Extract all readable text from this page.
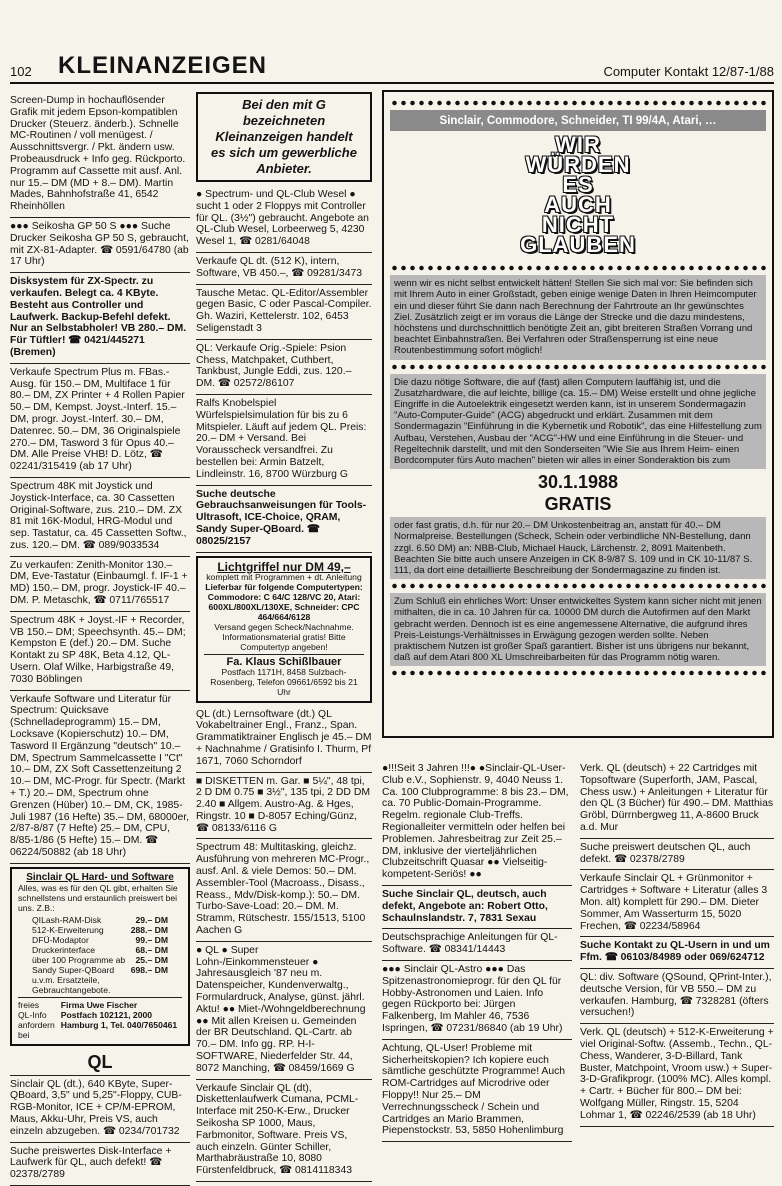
102 KLEINANZEIGEN	Computer Kontakt 12/87-1/88

Screen-Dump in hochauflösender Grafik mit jedem Epson-kompatiblen Drucker (Steuerz. änderb.). Schnelle MC-Routinen / voll menügest. / Ausschnittsvergr. / Pkt. ändern usw. Probeausdruck + Info geg. Rückporto. Programm auf Cassette mit ausf. Anl. nur 15.– DM (MD + 8.– DM). Martin Mades, Bahnhofstraße 41, 6542 Rheinhöllen

●●● Seikosha GP 50 S ●●● Suche Drucker Seikosha GP 50 S, gebraucht, mit ZX-81-Adapter. ☎ 0591/64780 (ab 17 Uhr)

Disksystem für ZX-Spectr. zu verkaufen. Belegt ca. 4 KByte. Besteht aus Controller und Laufwerk. Backup-Befehl defekt. Nur an Selbstabholer! VB 280.– DM. Für Tüftler! ☎ 0421/445271 (Bremen)

Verkaufe Spectrum Plus m. FBas.-Ausg. für 150.– DM, Multiface 1 für 80.– DM, ZX Printer + 4 Rollen Papier 50.– DM, Kempst. Joyst.-Interf. 15.– DM, progr. Joyst.-Interf. 30.– DM, Datenrec. 50.– DM, 36 Originalspiele 270.– DM, Tasword 3 für Opus 40.– DM. Alle Preise VHB! D. Lötz, ☎ 02241/315419 (ab 17 Uhr)

Spectrum 48K mit Joystick und Joystick-Interface, ca. 30 Cassetten Original-Software, zus. 210.– DM. ZX 81 mit 16K-Modul, HRG-Modul und sep. Tastatur, ca. 45 Cassetten Softw., zus. 120.– DM. ☎ 089/9033534

Zu verkaufen: Zenith-Monitor 130.– DM, Eve-Tastatur (Einbaumgl. f. IF-1 + MD) 150.– DM, progr. Joystick-IF 40.– DM. P. Metaschk, ☎ 0711/765517

Spectrum 48K + Joyst.-IF + Recorder, VB 150.– DM; Speechsynth. 45.– DM; Kempston E (def.) 20.– DM. Suche Kontakt zu SP 48K, Beta 4.12, QL-Usern. Olaf Wilke, Harbigstraße 49, 7030 Böblingen

Verkaufe Software und Literatur für Spectrum: Quicksave (Schnelladeprogramm) 15.– DM, Locksave (Kopierschutz) 10.– DM, Tasword II Ergänzung "deutsch" 10.– DM, Spectrum Sammelcassette I "Ct" 10.– DM, ZX Soft Cassettenzeitung 2 10.– DM, MC-Progr. für Spectr. (Markt + T.) 20.– DM, Spectrum ohne Grenzen (Hüber) 10.– DM, CK, 1985-Juli 1987 (16 Hefte) 35.– DM, 68000er, 2/87-8/87 (7 Hefte) 25.– DM, CPU, 8/85-1/86 (5 Hefte) 15.– DM. ☎ 06224/50882 (ab 18 Uhr)

Sinclair QL Hard- und Software
Alles, was es für den QL gibt, erhalten Sie schnellstens und erstaunlich preiswert bei uns. Z.B.:
QILash-RAM-Disk	29.– DM
512-K-Erweiterung	288.– DM
DFÜ-Modaptor	99.– DM
Druckerinterface	68.– DM
über 100 Programme ab 25.– DM
Sandy Super-QBoard 698.– DM
u.v.m. Ersatzteile, Gebrauchtangebote.
freies QL-Info anfordern bei
Firma Uwe Fischer
Postfach 102121, 2000 Hamburg 1, Tel. 040/7650461
QL

Sinclair QL (dt.), 640 KByte, Super-QBoard, 3,5" und 5,25"-Floppy, CUB-RGB-Monitor, ICE + CP/M-EPROM, Maus, Akku-Uhr, Preis VS, auch einzeln abzugeben. ☎ 0234/701732

Suche preiswertes Disk-Interface + Laufwerk für QL, auch defekt! ☎ 02378/2789

Bei den mit G bezeichneten Kleinanzeigen handelt es sich um gewerbliche Anbieter.

● Spectrum- und QL-Club Wesel ● sucht 1 oder 2 Floppys mit Controller für QL. (3½") gebraucht. Angebote an QL-Club Wesel, Lorbeerweg 5, 4230 Wesel 1, ☎ 0281/64048

Verkaufe QL dt. (512 K), intern, Software, VB 450.–, ☎ 09281/3473

Tausche Metac. QL-Editor/Assembler gegen Basic, C oder Pascal-Compiler. Gh. Waziri, Kettelerstr. 102, 6453 Seligenstadt 3

QL: Verkaufe Orig.-Spiele: Psion Chess, Matchpaket, Cuthbert, Tankbust, Jungle Eddi, zus. 120.– DM. ☎ 02572/86107

Ralfs Knobelspiel Würfelspielsimulation für bis zu 6 Mitspieler. Läuft auf jedem QL. Preis: 20.– DM + Versand. Bei Vorausscheck versandfrei. Zu bestellen bei: Armin Batzelt, Lindleinstr. 16, 8700 Würzburg G

Suche deutsche Gebrauchsanweisungen für Tools-Ultrasoft, ICE-Choice, QRAM, Sandy Super-QBoard. ☎ 08025/2157

Lichtgriffel nur DM 49,–
komplett mit Programmen + dt. Anleitung
Lieferbar für folgende Computertypen: Commodore: C 64/C 128/VC 20, Atari: 600XL/800XL/130XE, Schneider: CPC 464/664/6128
Versand gegen Scheck/Nachnahme. Informationsmaterial gratis! Bitte Computertyp angeben!
Fa. Klaus Schißlbauer
Postfach 1171H, 8458 Sulzbach-Rosenberg, Telefon 09661/6592 bis 21 Uhr

QL (dt.) Lernsoftware (dt.) QL Vokabeltrainer Engl., Franz., Span. Grammatiktrainer Englisch je 45.– DM + Nachnahme / Gratisinfo I. Thurm, Pf 1671, 7060 Schorndorf

■ DISKETTEN m. Gar. ■ 5¼", 48 tpi, 2 D DM 0.75 ■ 3½", 135 tpi, 2 DD DM 2.40 ■ Allgem. Austro-Ag. & Hges, Ringstr. 10 ■ D-8057 Eching/Günz, ☎ 08133/6116 G

Spectrum 48: Multitasking, gleichz. Ausführung von mehreren MC-Progr., ausf. Anl. & viele Demos: 50.– DM. Assembler-Tool (Macroass., Disass., Reass., Mdv/Disk-komp.): 50.– DM. Turbo-Save-Load: 20.– DM. M. Stramm, Rütschestr. 155/1513, 5100 Aachen G

● QL ● Super Lohn-/Einkommensteuer ● Jahresausgleich '87 neu m. Datenspeicher, Kundenverwaltg., Formulardruck, Analyse, günst. jährl. Aktu! ●● Miet-/Wohngeldberechnung ●● Mit allen Kreisen u. Gemeinden der BR Deutschland. QL-Cartr. ab 70.– DM. Info gg. RP. H-I-SOFTWARE, Niederfelder Str. 44, 8072 Manching, ☎ 08459/1669 G

Verkaufe Sinclair QL (dt), Diskettenlaufwerk Cumana, PCML-Interface mit 250-K-Erw., Drucker Seikosha SP 1000, Maus, Farbmonitor, Software. Preis VS, auch einzeln. Günter Schiller, Marthabräustraße 10, 8080 Fürstenfeldbruck, ☎ 0814118343

Sinclair, Commodore, Schneider, TI 99/4A, Atari, …
WIR
WÜRDEN
ES
AUCH
NICHT
GLAUBEN

wenn wir es nicht selbst entwickelt hätten! Stellen Sie sich mal vor: Sie befinden sich mit Ihrem Auto in einer Großstadt, geben einige wenige Daten in Ihren Heimcomputer ein und dieser führt Sie dann nach Berechnung der Fahrtroute an Ihr gewünschtes Ziel. Zusätzlich zeigt er im voraus die Länge der Strecke und die dazu mindestens, höchstens und durchschnittlich benötigte Zeit an, gibt breiteren Straßen Vorrang und beachtet Einbahnstraßen. Bei Verfahren oder Straßensperrung ist eine neue Routenbestimmung sofort möglich!

Die dazu nötige Software, die auf (fast) allen Computern lauffähig ist, und die Zusatzhardware, die auf leichte, billige (ca. 15.– DM) Weise erstellt und ohne jegliche Eingriffe in die Autoelektrik eingesetzt werden kann, ist in unserem Sondermagazin "Auto-Computer-Guide" (ACG) abgedruckt und erklärt. Zusammen mit dem Sondermagazin "Einführung in die Kybernetik und Robotik", das eine Hilfestellung zum Aufbau, Verstehen, Ausbau der "ACG"-HW und eine Einführung in die Steuer- und Regeltechnik darstellt, und mit den Sonderseiten "Wie Sie aus Ihrem Heim- einen Bordcomputer fürs Auto machen" bieten wir alles in einer Sonderaktion bis zum

30.1.1988
GRATIS

oder fast gratis, d.h. für nur 20.– DM Unkostenbeitrag an, anstatt für 40.– DM Normalpreise. Bestellungen (Scheck, Schein oder verbindliche NN-Bestellung, dann zzgl. 6.50 DM) an: NBB-Club, Michael Hauck, Lärchenstr. 2, 8091 Maitenbeth. Beachten Sie bitte auch unsere Anzeigen in CK 8-9/87 S. 109 und in CK 10-11/87 S. 111, da dort eine detaillierte Beschreibung der Sondermagazine zu finden ist.

Zum Schluß ein ehrliches Wort: Unser entwickeltes System kann sicher nicht mit jenen mithalten, die in ca. 10 Jahren für ca. 10000 DM durch die Autofirmen auf den Markt gebracht werden. Dennoch ist es eine angemessene Alternative, die aufgrund ihres Preis-Leistungs-Verhältnisses in Erwägung gezogen werden sollte. Neben praktischem Nutzen ist großer Spaß garantiert. Bisher ist uns übrigens nur bekannt, daß auf dem Atari 800 XL Umschreibarbeiten für das Programm nötig waren.

●!!!Seit 3 Jahren !!!● ●Sinclair-QL-User-Club e.V., Sophienstr. 9, 4040 Neuss 1. Ca. 100 Clubprogramme: 8 bis 23.– DM, ca. 70 Public-Domain-Programme. Regelm. regionale Club-Treffs. Regionalleiter vermitteln oder helfen bei Problemen. Jahresbeitrag zur Zeit 25.– DM, inklusive der vierteljährlichen Clubzeitschrift Quasar ●● Vielseitig-kompetent-Seriös! ●●

Suche Sinclair QL, deutsch, auch defekt, Angebote an: Robert Otto, Schaulnslandstr. 7, 7831 Sexau

Deutschsprachige Anleitungen für QL-Software. ☎ 08341/14443

●●● Sinclair QL-Astro ●●● Das Spitzenastronomieprogr. für den QL für Hobby-Astronomen und Laien. Info gegen Rückporto bei: Jürgen Falkenberg, Im Mahler 46, 7536 Ispringen, ☎ 07231/86840 (ab 19 Uhr)

Achtung, QL-User! Probleme mit Sicherheitskopien? Ich kopiere euch sämtliche geschützte Programme! Auch ROM-Cartridges auf Microdrive oder Floppy!! Nur 25.– DM Verrechnungsscheck / Schein und Cartridges an Mario Brammen, Piepenstockstr. 53, 5850 Hohenlimburg

Verk. QL (deutsch) + 22 Cartridges mit Topsoftware (Superforth, JAM, Pascal, Chess usw.) + Anleitungen + Literatur für den QL (3 Bücher) für 490.– DM. Matthias Gröbl, Dürrnbergweg 11, A-8600 Bruck a.d. Mur

Suche preiswert deutschen QL, auch defekt. ☎ 02378/2789

Verkaufe Sinclair QL + Grünmonitor + Cartridges + Software + Literatur (alles 3 Mon. alt) komplett für 290.– DM. Dieter Sommer, Am Wasserturm 15, 5020 Frechen, ☎ 02234/58964

Suche Kontakt zu QL-Usern in und um Ffm. ☎ 06103/84989 oder 069/624712

QL: div. Software (QSound, QPrint-Inter.), deutsche Version, für VB 550.– DM zu verkaufen. Hamburg, ☎ 7328281 (öfters versuchen!)

Verk. QL (deutsch) + 512-K-Erweiterung + viel Original-Softw. (Assemb., Techn., QL-Chess, Wanderer, 3-D-Billard, Tank Buster, Matchpoint, Vroom usw.) + Super-3-D-Grafikprogr. (100% MC). Alles kompl. + Cartr. + Bücher für 800.– DM bei: Wolfgang Müller, Ringstr. 15, 5204 Lohmar 1, ☎ 02246/2539 (ab 18 Uhr)
